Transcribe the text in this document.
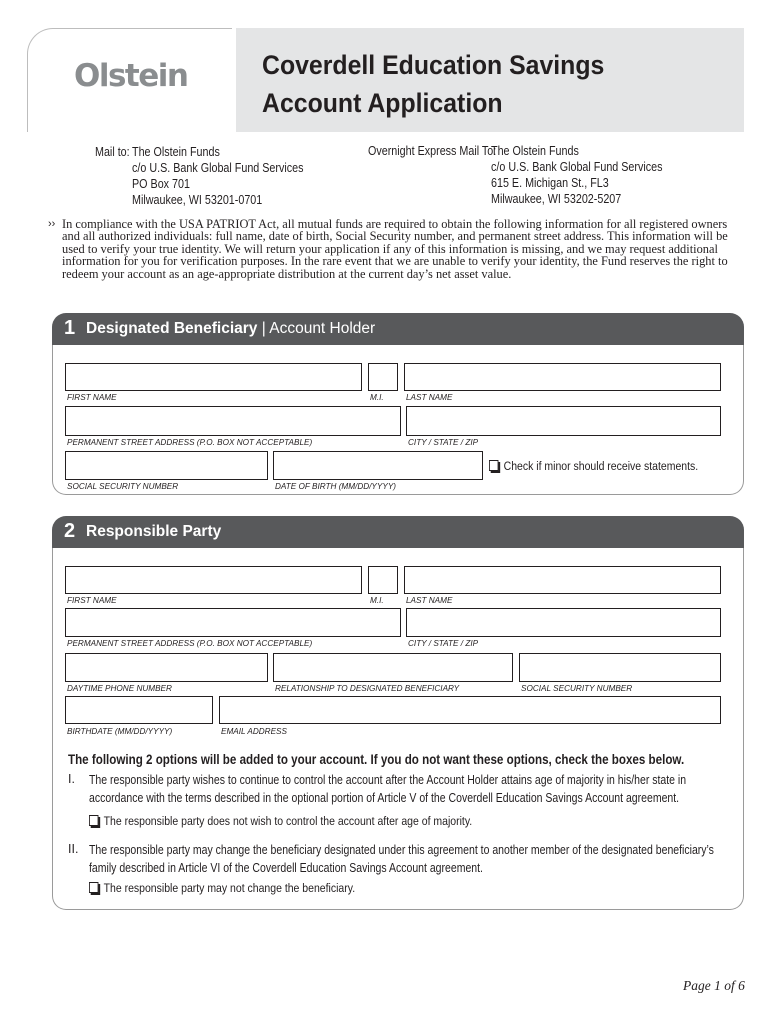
Olstein	Coverdell Education Savings
Account Application
Mail to: The Olstein Funds
c/o U.S. Bank Global Fund Services
PO Box 701
Milwaukee, WI 53201-0701
Overnight Express Mail To:
The Olstein Funds
c/o U.S. Bank Global Fund Services
615 E. Michigan St., FL3
Milwaukee, WI 53202-5207
›› In compliance with the USA PATRIOT Act, all mutual funds are required to obtain the following information for all registered owners and all authorized individuals: full name, date of birth, Social Security number, and permanent street address. This information will be used to verify your true identity. We will return your application if any of this information is missing, and we may request additional information for you for verification purposes. In the rare event that we are unable to verify your identity, the Fund reserves the right to redeem your account as an age-appropriate distribution at the current day’s net asset value.
1 Designated Beneficiary | Account Holder
FIRST NAME	M.I.	LAST NAME
PERMANENT STREET ADDRESS (P.O. BOX NOT ACCEPTABLE)	CITY / STATE / ZIP
SOCIAL SECURITY NUMBER	DATE OF BIRTH (MM/DD/YYYY)
Check if minor should receive statements.
2 Responsible Party
FIRST NAME	M.I.	LAST NAME
PERMANENT STREET ADDRESS (P.O. BOX NOT ACCEPTABLE)	CITY / STATE / ZIP
DAYTIME PHONE NUMBER	RELATIONSHIP TO DESIGNATED BENEFICIARY	SOCIAL SECURITY NUMBER
BIRTHDATE (MM/DD/YYYY)	EMAIL ADDRESS
The following 2 options will be added to your account. If you do not want these options, check the boxes below.
I. The responsible party wishes to continue to control the account after the Account Holder attains age of majority in his/her state in
accordance with the terms described in the optional portion of Article V of the Coverdell Education Savings Account agreement.
The responsible party does not wish to control the account after age of majority.
II. The responsible party may change the beneficiary designated under this agreement to another member of the designated beneficiary’s
family described in Article VI of the Coverdell Education Savings Account agreement.
The responsible party may not change the beneficiary.
Page 1 of 6
